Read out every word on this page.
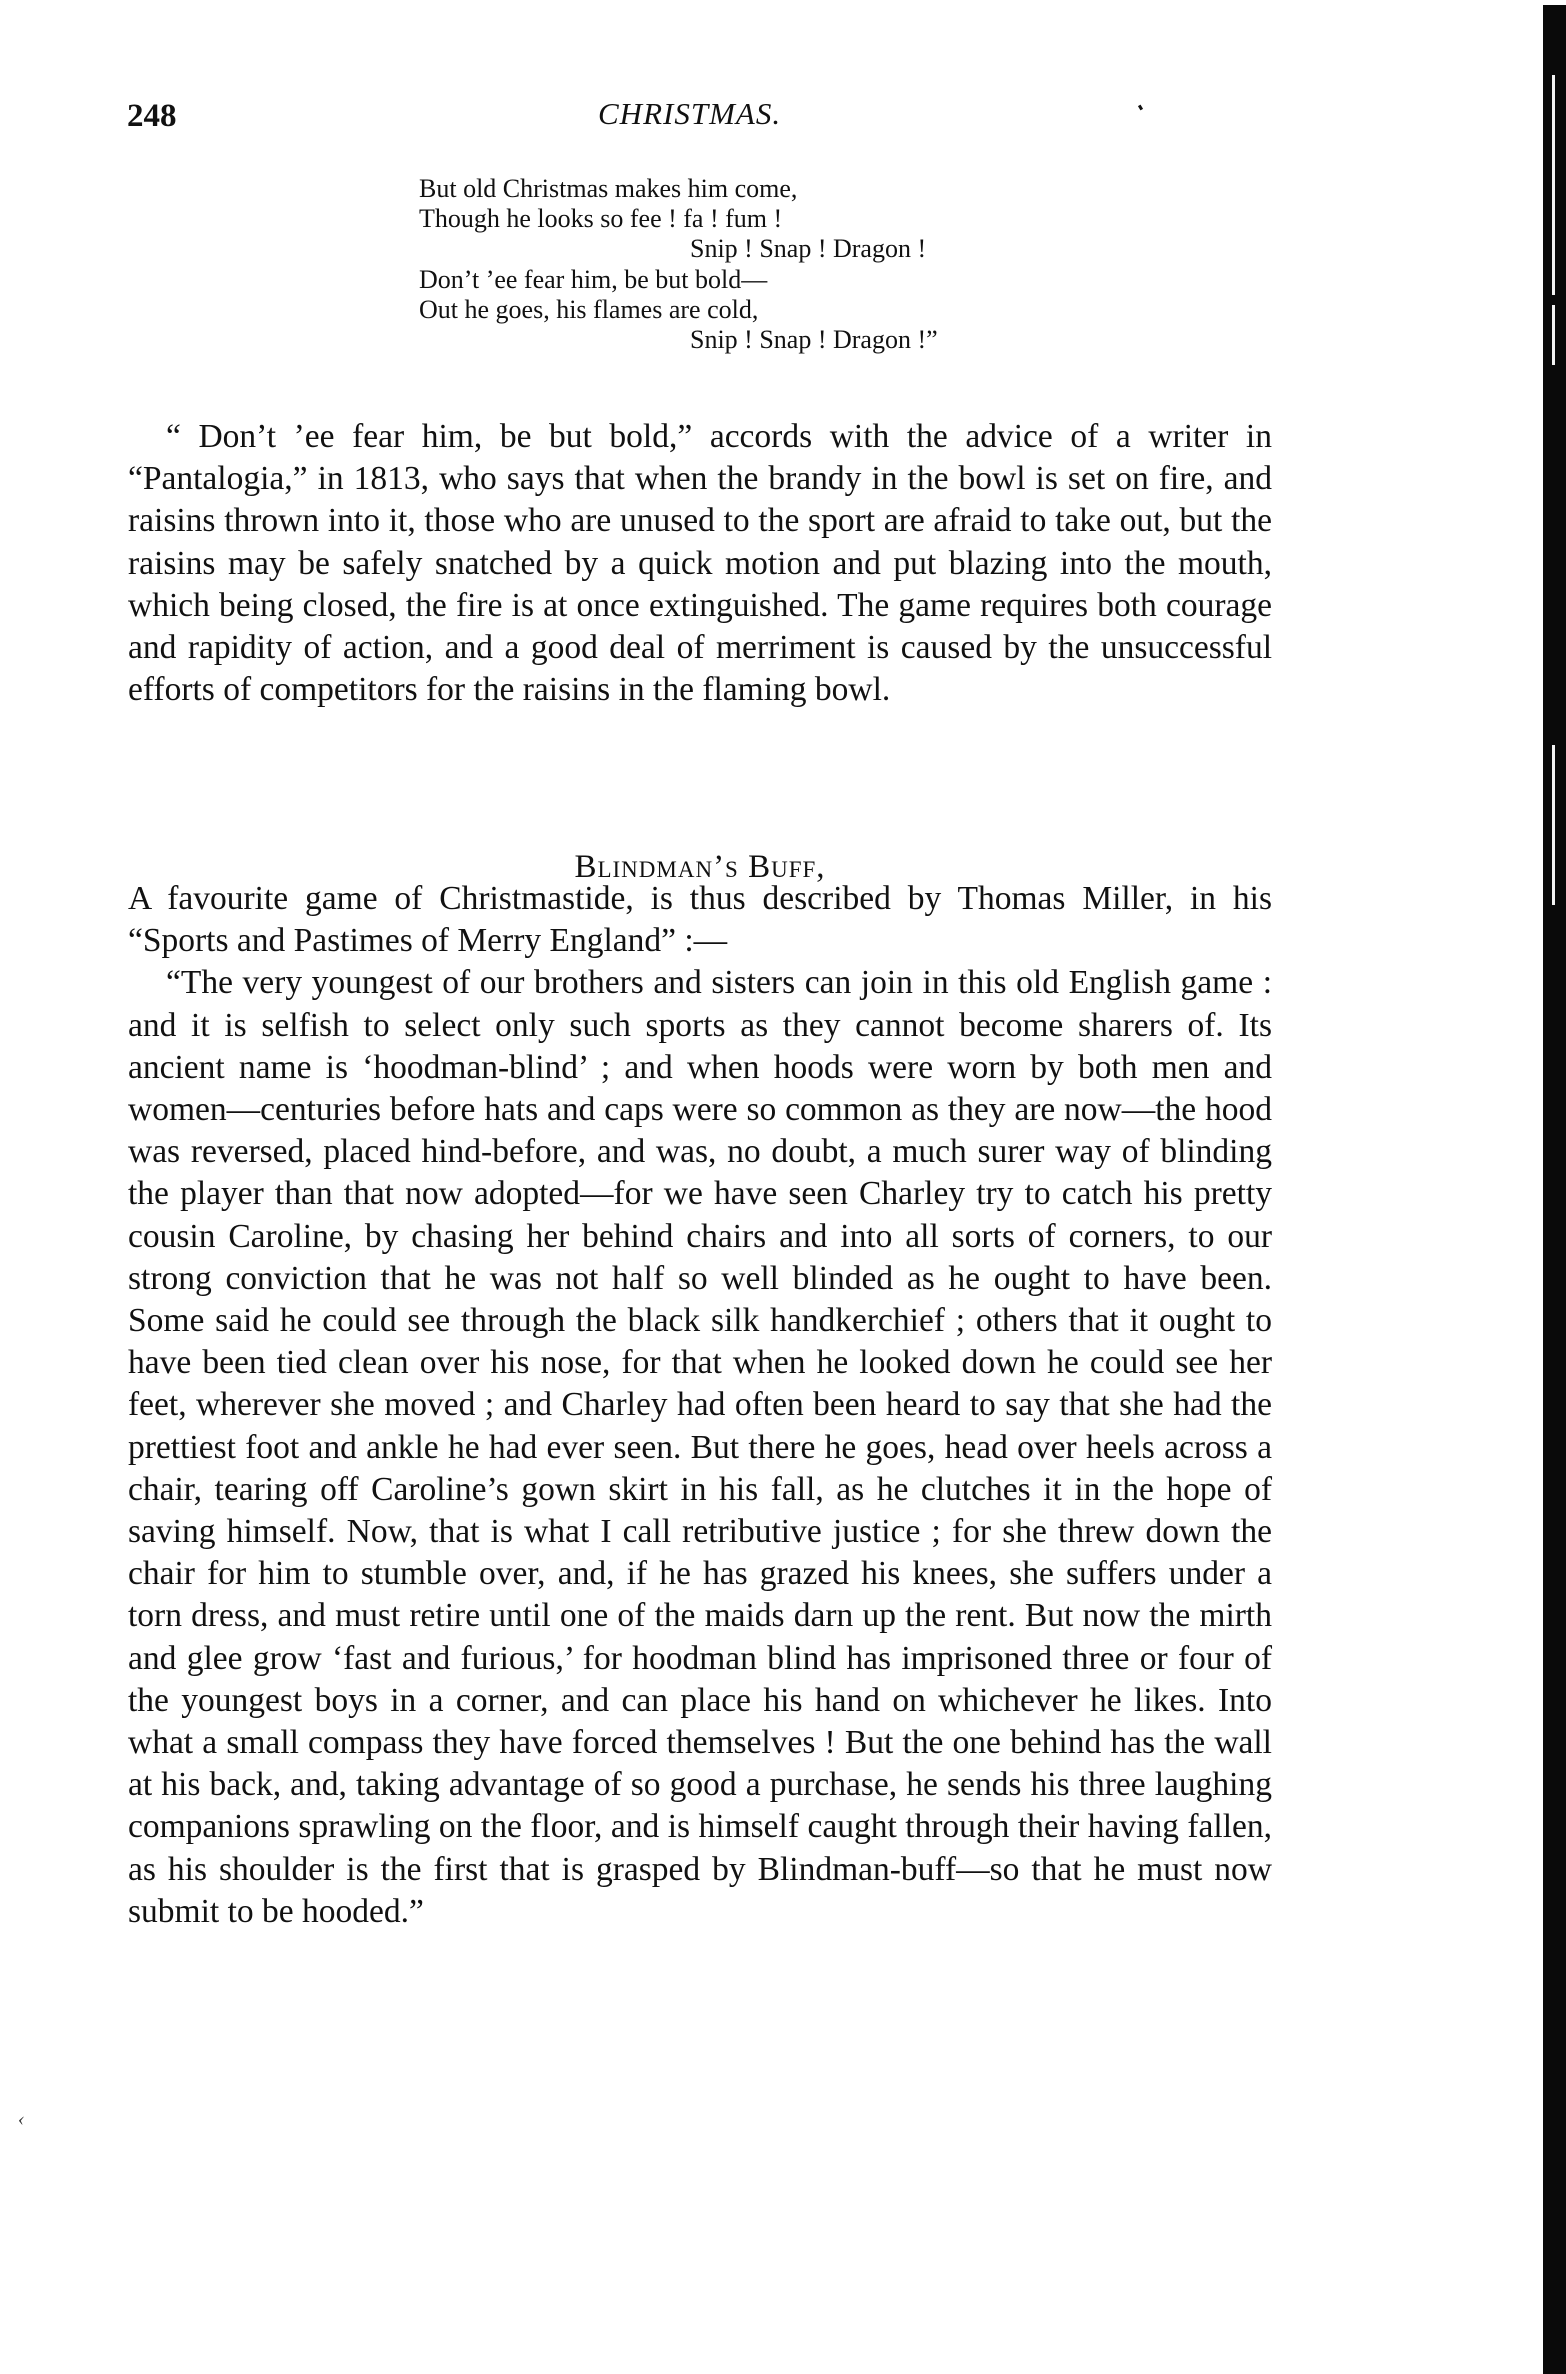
248	CHRISTMAS.
But old Christmas makes him come,
Though he looks so fee ! fa ! fum !
Snip ! Snap ! Dragon !
Don’t ’ee fear him, be but bold—
Out he goes, his flames are cold,
Snip ! Snap ! Dragon !”

“ Don’t ’ee fear him, be but bold,” accords with the advice of a writer in “Pantalogia,” in 1813, who says that when the brandy in the bowl is set on fire, and raisins thrown into it, those who are unused to the sport are afraid to take out, but the raisins may be safely snatched by a quick motion and put blazing into the mouth, which being closed, the fire is at once extinguished. The game requires both courage and rapidity of action, and a good deal of merriment is caused by the unsuccessful efforts of competitors for the raisins in the flaming bowl.

Blindman’s Buff,

A favourite game of Christmastide, is thus described by Thomas Miller, in his “Sports and Pastimes of Merry England” :—

“The very youngest of our brothers and sisters can join in this old English game : and it is selfish to select only such sports as they cannot become sharers of. Its ancient name is ‘hoodman-blind’ ; and when hoods were worn by both men and women—centuries before hats and caps were so common as they are now—the hood was reversed, placed hind-before, and was, no doubt, a much surer way of blinding the player than that now adopted—for we have seen Charley try to catch his pretty cousin Caroline, by chasing her behind chairs and into all sorts of corners, to our strong conviction that he was not half so well blinded as he ought to have been. Some said he could see through the black silk handkerchief ; others that it ought to have been tied clean over his nose, for that when he looked down he could see her feet, wherever she moved ; and Charley had often been heard to say that she had the prettiest foot and ankle he had ever seen. But there he goes, head over heels across a chair, tearing off Caroline’s gown skirt in his fall, as he clutches it in the hope of saving himself. Now, that is what I call retributive justice ; for she threw down the chair for him to stumble over, and, if he has grazed his knees, she suffers under a torn dress, and must retire until one of the maids darn up the rent. But now the mirth and glee grow ‘fast and furious,’ for hoodman blind has imprisoned three or four of the youngest boys in a corner, and can place his hand on whichever he likes. Into what a small compass they have forced themselves ! But the one behind has the wall at his back, and, taking advantage of so good a purchase, he sends his three laughing companions sprawling on the floor, and is himself caught through their having fallen, as his shoulder is the first that is grasped by Blindman-buff—so that he must now submit to be hooded.”

‹
